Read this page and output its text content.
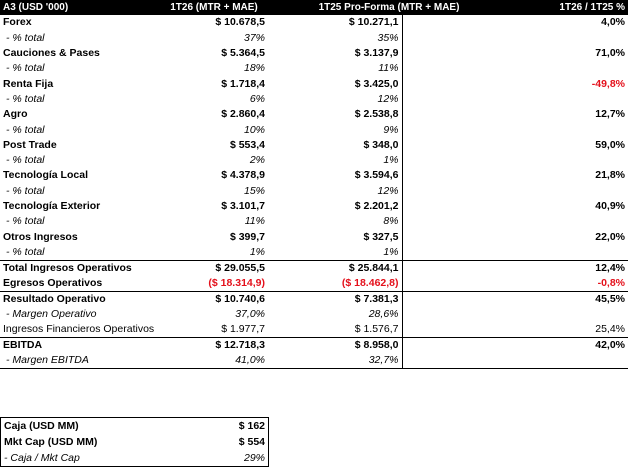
A3 (USD '000)	1T26 (MTR + MAE)	1T25 Pro-Forma (MTR + MAE)		1T26 / 1T25 %
Forex	$ 10.678,5	$ 10.271,1		4,0%
- % total	37%	35%		
Cauciones & Pases	$ 5.364,5	$ 3.137,9		71,0%
- % total	18%	11%		
Renta Fija	$ 1.718,4	$ 3.425,0		-49,8%
- % total	6%	12%		
Agro	$ 2.860,4	$ 2.538,8		12,7%
- % total	10%	9%		
Post Trade	$ 553,4	$ 348,0		59,0%
- % total	2%	1%		
Tecnología Local	$ 4.378,9	$ 3.594,6		21,8%
- % total	15%	12%		
Tecnología Exterior	$ 3.101,7	$ 2.201,2		40,9%
- % total	11%	8%		
Otros Ingresos	$ 399,7	$ 327,5		22,0%
- % total	1%	1%		
Total Ingresos Operativos	$ 29.055,5	$ 25.844,1		12,4%
Egresos Operativos	($ 18.314,9)	($ 18.462,8)		-0,8%
Resultado Operativo	$ 10.740,6	$ 7.381,3		45,5%
- Margen Operativo	37,0%	28,6%		
Ingresos Financieros Operativos	$ 1.977,7	$ 1.576,7		25,4%
EBITDA	$ 12.718,3	$ 8.958,0		42,0%
- Margen EBITDA	41,0%	32,7%		
Caja (USD MM)	$ 162
Mkt Cap (USD MM)	$ 554
- Caja / Mkt Cap	29%
